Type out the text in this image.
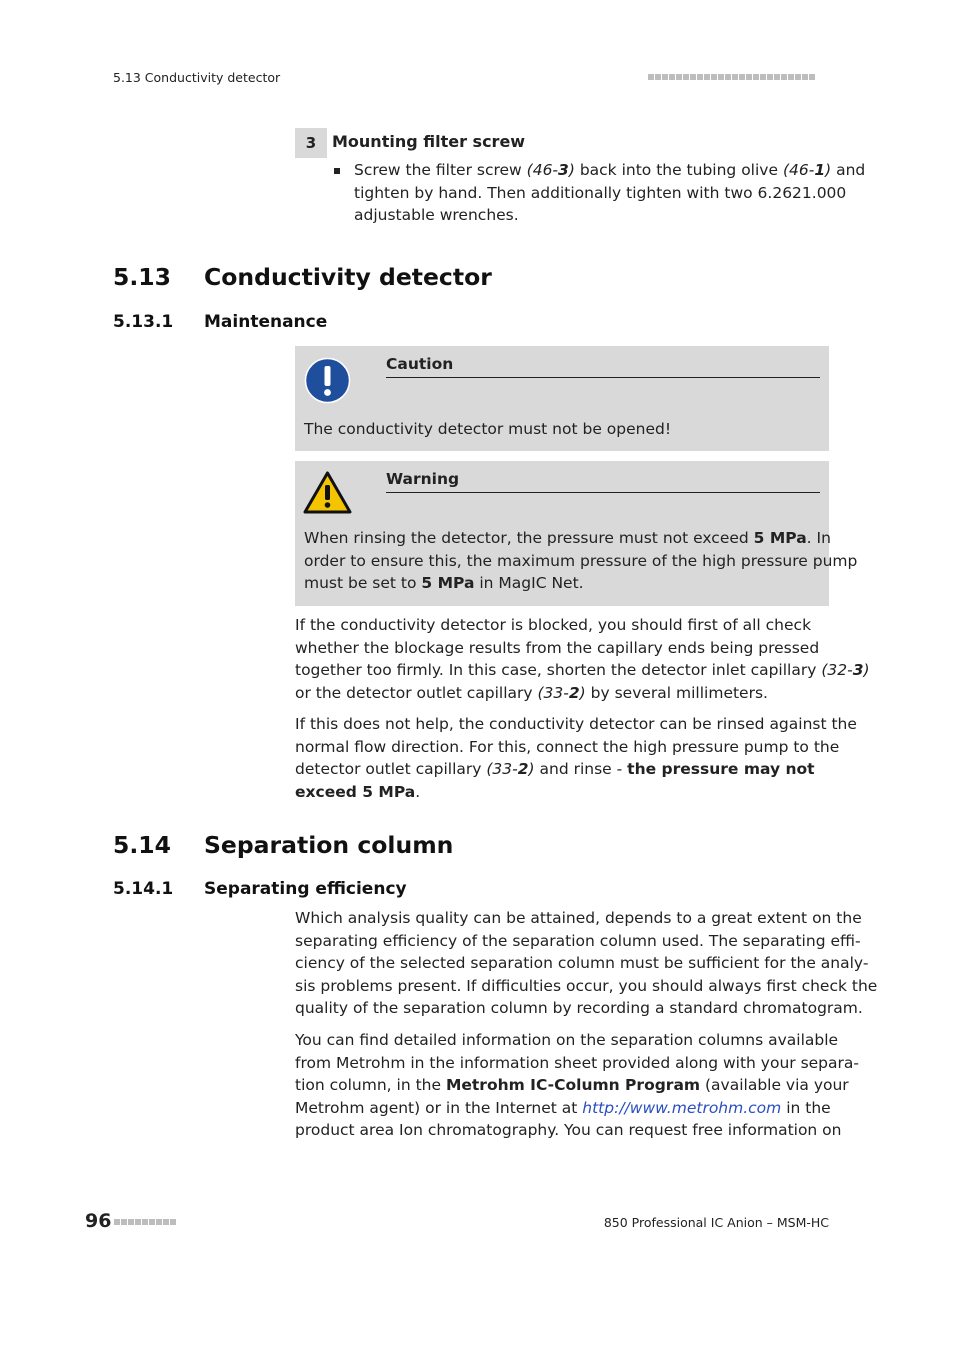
5.13 Conductivity detector
3 Mounting filter screw
Screw the filter screw (46-3) back into the tubing olive (46-1) and
tighten by hand. Then additionally tighten with two 6.2621.000
adjustable wrenches.
5.13 Conductivity detector
5.13.1 Maintenance
Caution
The conductivity detector must not be opened!
Warning
When rinsing the detector, the pressure must not exceed 5 MPa. In
order to ensure this, the maximum pressure of the high pressure pump
must be set to 5 MPa in MagIC Net.
If the conductivity detector is blocked, you should first of all check
whether the blockage results from the capillary ends being pressed
together too firmly. In this case, shorten the detector inlet capillary (32-3)
or the detector outlet capillary (33-2) by several millimeters.
If this does not help, the conductivity detector can be rinsed against the
normal flow direction. For this, connect the high pressure pump to the
detector outlet capillary (33-2) and rinse - the pressure may not
exceed 5 MPa.
5.14 Separation column
5.14.1 Separating efficiency
Which analysis quality can be attained, depends to a great extent on the
separating efficiency of the separation column used. The separating effi-
ciency of the selected separation column must be sufficient for the analy-
sis problems present. If difficulties occur, you should always first check the
quality of the separation column by recording a standard chromatogram.
You can find detailed information on the separation columns available
from Metrohm in the information sheet provided along with your separa-
tion column, in the Metrohm IC-Column Program (available via your
Metrohm agent) or in the Internet at http://www.metrohm.com in the
product area Ion chromatography. You can request free information on
96	850 Professional IC Anion – MSM-HC
